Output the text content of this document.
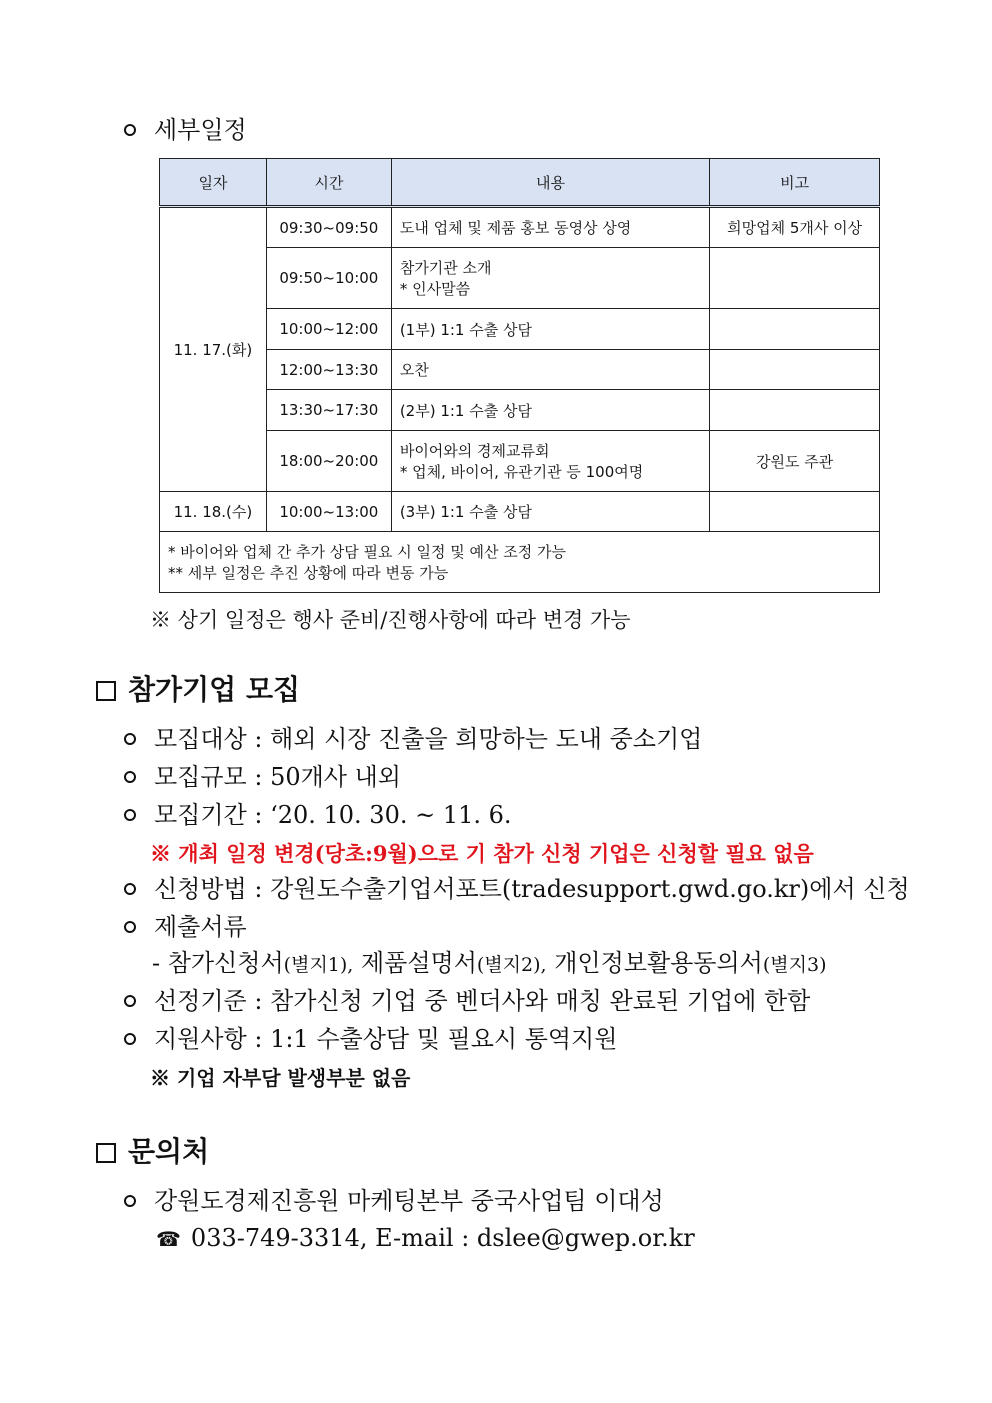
세부일정
일자	시간	내용	비고
11. 17.(화)	09:30~09:50	도내 업체 및 제품 홍보 동영상 상영	희망업체 5개사 이상
	09:50~10:00	참가기관 소개
* 인사말씀	

	10:00~12:00	(1부) 1:1 수출 상담	
	12:00~13:30	오찬	
	13:30~17:30	(2부) 1:1 수출 상담	
	18:00~20:00	바이어와의 경제교류회
* 업체, 바이어, 유관기관 등 100여명	강원도 주관
11. 18.(수)	10:00~13:00	(3부) 1:1 수출 상담	

* 바이어와 업체 간 추가 상담 필요 시 일정 및 예산 조정 가능
** 세부 일정은 추진 상황에 따라 변동 가능			
※ 상기 일정은 행사 준비/진행사항에 따라 변경 가능
참가기업 모집
모집대상 : 해외 시장 진출을 희망하는 도내 중소기업
모집규모 : 50개사 내외
모집기간 : ‘20. 10. 30. ~ 11. 6.
※ 개최 일정 변경(당초:9월)으로 기 참가 신청 기업은 신청할 필요 없음
신청방법 : 강원도수출기업서포트(tradesupport.gwd.go.kr)에서 신청
제출서류
- 참가신청서(별지1), 제품설명서(별지2), 개인정보활용동의서(별지3)
선정기준 : 참가신청 기업 중 벤더사와 매칭 완료된 기업에 한함
지원사항 : 1:1 수출상담 및 필요시 통역지원
※ 기업 자부담 발생부분 없음
문의처
강원도경제진흥원 마케팅본부 중국사업팀 이대성
☎ 033-749-3314, E-mail : dslee@gwep.or.kr
